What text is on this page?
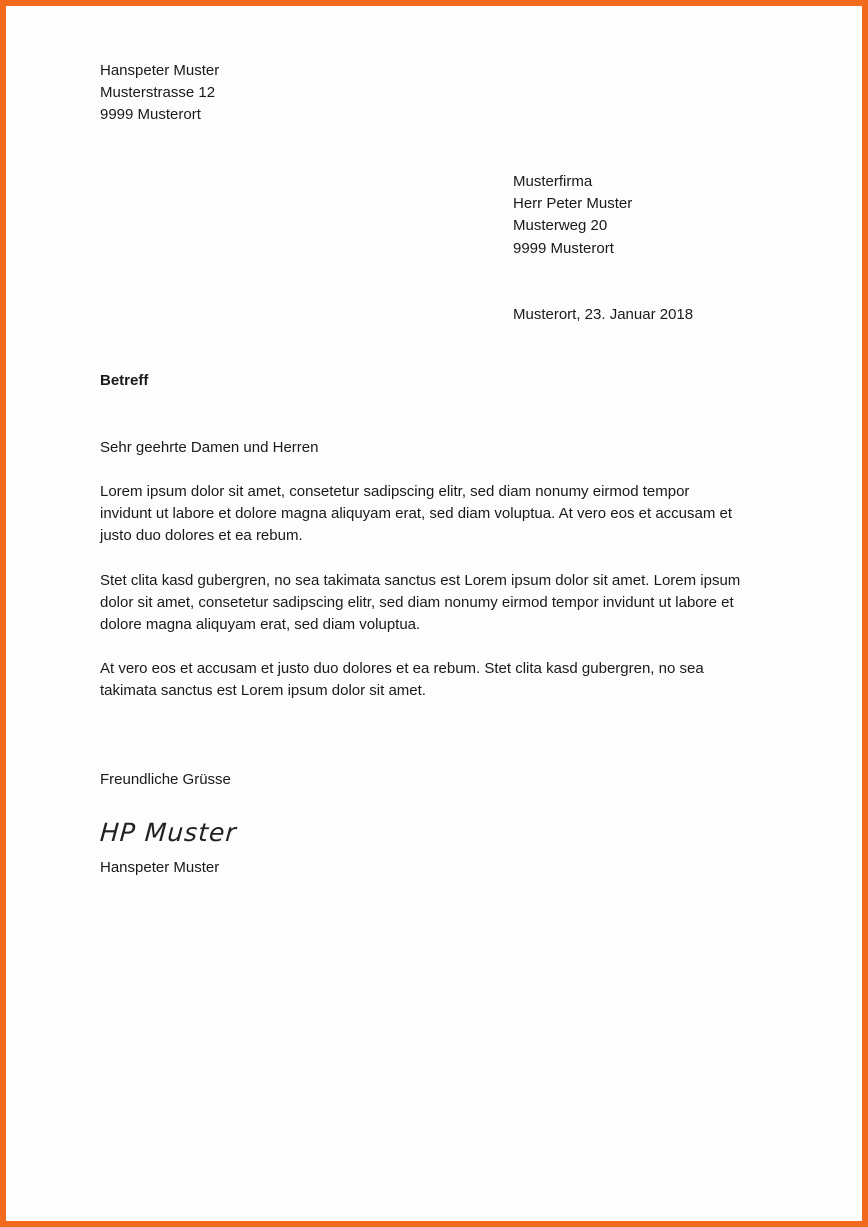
Hanspeter Muster
Musterstrasse 12
9999 Musterort
Musterfirma
Herr Peter Muster
Musterweg 20
9999 Musterort
Musterort, 23. Januar 2018
Betreff
Sehr geehrte Damen und Herren
Lorem ipsum dolor sit amet, consetetur sadipscing elitr, sed diam nonumy eirmod tempor
invidunt ut labore et dolore magna aliquyam erat, sed diam voluptua. At vero eos et accusam et
justo duo dolores et ea rebum.
Stet clita kasd gubergren, no sea takimata sanctus est Lorem ipsum dolor sit amet. Lorem ipsum
dolor sit amet, consetetur sadipscing elitr, sed diam nonumy eirmod tempor invidunt ut labore et
dolore magna aliquyam erat, sed diam voluptua.
At vero eos et accusam et justo duo dolores et ea rebum. Stet clita kasd gubergren, no sea
takimata sanctus est Lorem ipsum dolor sit amet.
Freundliche Grüsse
HP Muster
Hanspeter Muster
